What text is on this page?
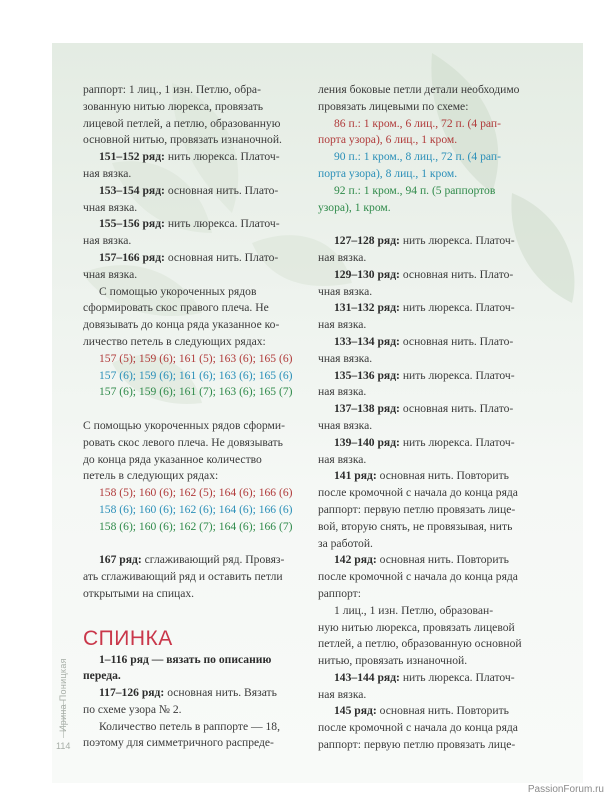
Ирина Поницкая
114
раппорт: 1 лиц., 1 изн. Петлю, обра-
зованную нитью люрекса, провязать
лицевой петлей, а петлю, образованную
основной нитью, провязать изнаночной.
151–152 ряд: нить люрекса. Платоч-
ная вязка.
153–154 ряд: основная нить. Плато-
чная вязка.
155–156 ряд: нить люрекса. Платоч-
ная вязка.
157–166 ряд: основная нить. Плато-
чная вязка.
С помощью укороченных рядов
сформировать скос правого плеча. Не
довязывать до конца ряда указанное ко-
личество петель в следующих рядах:
157 (5); 159 (6); 161 (5); 163 (6); 165 (6)
157 (6); 159 (6); 161 (6); 163 (6); 165 (6)
157 (6); 159 (6); 161 (7); 163 (6); 165 (7)
С помощью укороченных рядов сформи-
ровать скос левого плеча. Не довязывать
до конца ряда указанное количество
петель в следующих рядах:
158 (5); 160 (6); 162 (5); 164 (6); 166 (6)
158 (6); 160 (6); 162 (6); 164 (6); 166 (6)
158 (6); 160 (6); 162 (7); 164 (6); 166 (7)
167 ряд: сглаживающий ряд. Провяз-
ать сглаживающий ряд и оставить петли
открытыми на спицах.
СПИНКА
1–116 ряд — вязать по описанию
переда.
117–126 ряд: основная нить. Вязать
по схеме узора № 2.
Количество петель в раппорте — 18,
поэтому для симметричного распреде-
ления боковые петли детали необходимо
провязать лицевыми по схеме:
86 п.: 1 кром., 6 лиц., 72 п. (4 рап-
порта узора), 6 лиц., 1 кром.
90 п.: 1 кром., 8 лиц., 72 п. (4 рап-
порта узора), 8 лиц., 1 кром.
92 п.: 1 кром., 94 п. (5 раппортов
узора), 1 кром.
127–128 ряд: нить люрекса. Платоч-
ная вязка.
129–130 ряд: основная нить. Плато-
чная вязка.
131–132 ряд: нить люрекса. Платоч-
ная вязка.
133–134 ряд: основная нить. Плато-
чная вязка.
135–136 ряд: нить люрекса. Платоч-
ная вязка.
137–138 ряд: основная нить. Плато-
чная вязка.
139–140 ряд: нить люрекса. Платоч-
ная вязка.
141 ряд: основная нить. Повторить
после кромочной с начала до конца ряда
раппорт: первую петлю провязать лице-
вой, вторую снять, не провязывая, нить
за работой.
142 ряд: основная нить. Повторить
после кромочной с начала до конца ряда
раппорт:
1 лиц., 1 изн. Петлю, образован-
ную нитью люрекса, провязать лицевой
петлей, а петлю, образованную основной
нитью, провязать изнаночной.
143–144 ряд: нить люрекса. Платоч-
ная вязка.
145 ряд: основная нить. Повторить
после кромочной с начала до конца ряда
раппорт: первую петлю провязать лице-
PassionForum.ru
